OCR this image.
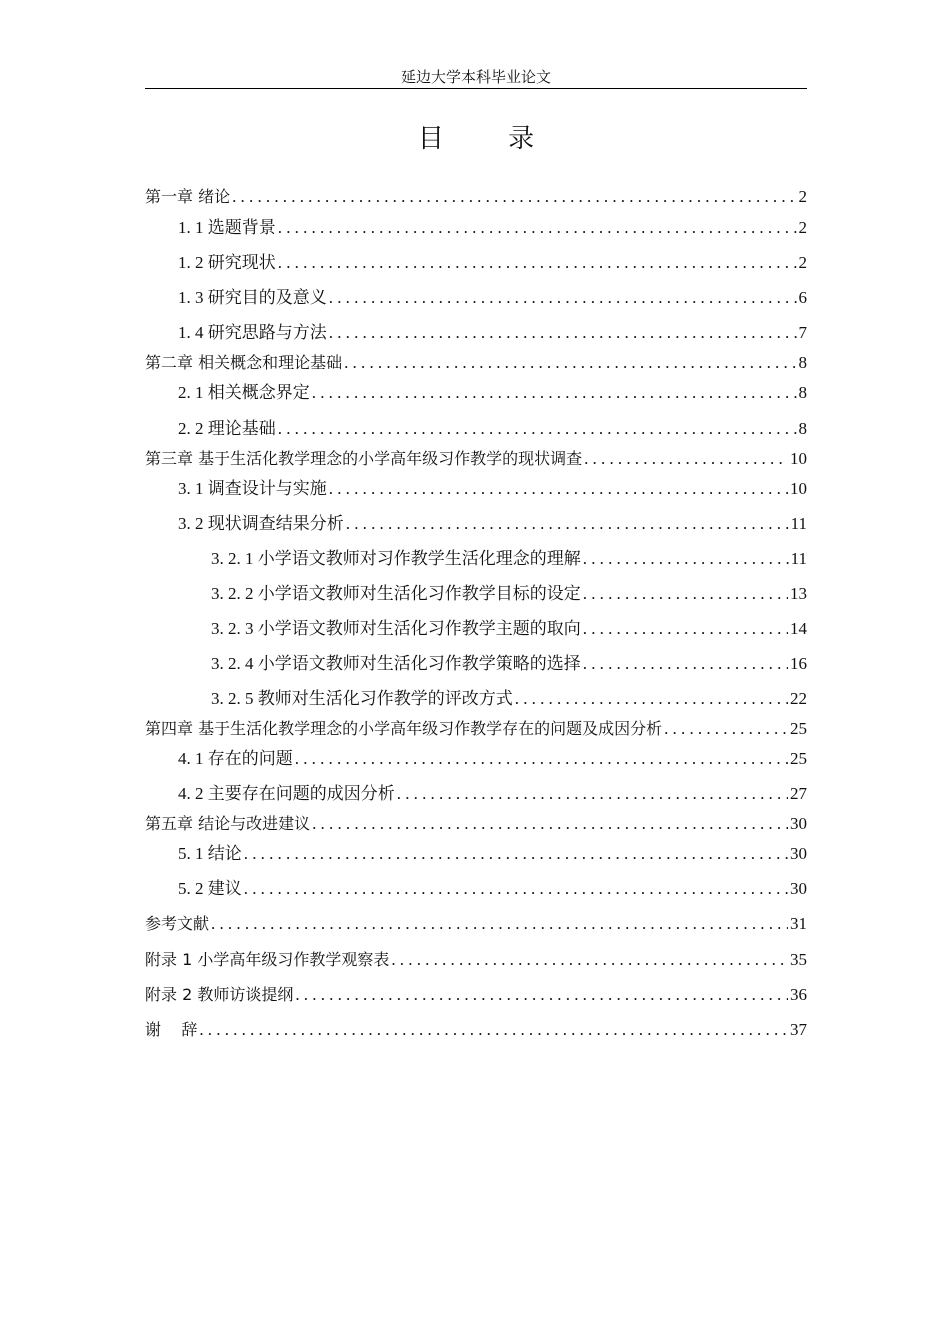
延边大学本科毕业论文
目 录
第一章 绪论 .....	2
1. 1 选题背景 .....	2
1. 2 研究现状 .....	2
1. 3 研究目的及意义 .....	6
1. 4 研究思路与方法 .....	7
第二章 相关概念和理论基础 .....	8
2. 1 相关概念界定 .....	8
2. 2 理论基础 .....	8
第三章 基于生活化教学理念的小学高年级习作教学的现状调查 .....	10
3. 1 调查设计与实施 .....	10
3. 2 现状调查结果分析 .....	11
3. 2. 1 小学语文教师对习作教学生活化理念的理解 .....	11
3. 2. 2 小学语文教师对生活化习作教学目标的设定 .....	13
3. 2. 3 小学语文教师对生活化习作教学主题的取向 .....	14
3. 2. 4 小学语文教师对生活化习作教学策略的选择 .....	16
3. 2. 5 教师对生活化习作教学的评改方式 .....	22
第四章 基于生活化教学理念的小学高年级习作教学存在的问题及成因分析 .....	25
4. 1 存在的问题 .....	25
4. 2 主要存在问题的成因分析 .....	27
第五章 结论与改进建议 .....	30
5. 1 结论 .....	30
5. 2 建议 .....	30
参考文献 .....	31
附录 1 小学高年级习作教学观察表 .....	35
附录 2 教师访谈提纲 .....	36
谢    辞 .....	37
